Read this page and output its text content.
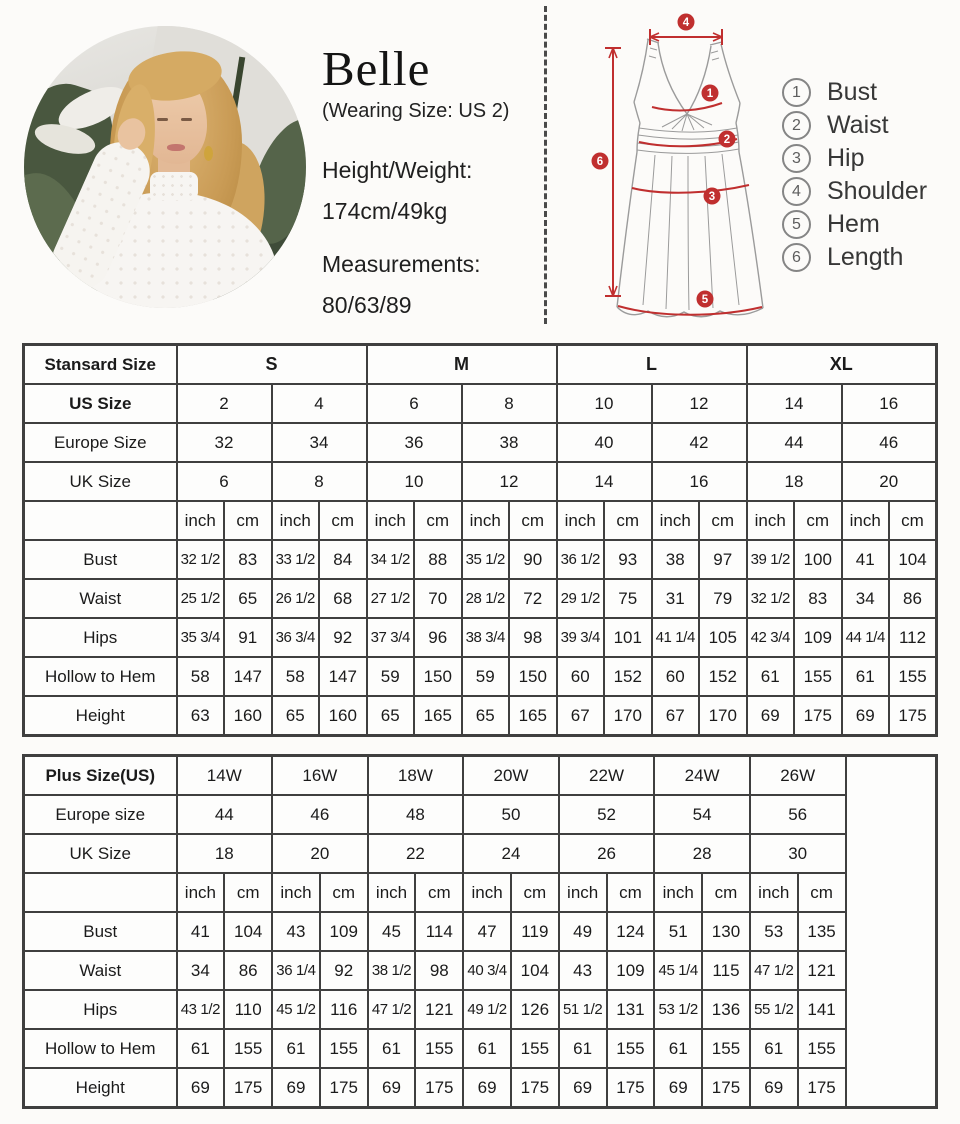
Belle
(Wearing Size: US 2)
Height/Weight:
174cm/49kg
Measurements:
80/63/89
1
2
3
4
5
6
1	Bust
2	Waist
3	Hip
4	Shoulder
5	Hem
6	Length
Stansard Size	S				M				L				XL			
US Size	2		4		6		8		10		12		14		16	
Europe Size	32		34		36		38		40		42		44		46	
UK Size	6		8		10		12		14		16		18		20	
	inch	cm	inch	cm	inch	cm	inch	cm	inch	cm	inch	cm	inch	cm	inch	cm
Bust	32 1/2	83	33 1/2	84	34 1/2	88	35 1/2	90	36 1/2	93	38	97	39 1/2	100	41	104
Waist	25 1/2	65	26 1/2	68	27 1/2	70	28 1/2	72	29 1/2	75	31	79	32 1/2	83	34	86
Hips	35 3/4	91	36 3/4	92	37 3/4	96	38 3/4	98	39 3/4	101	41 1/4	105	42 3/4	109	44 1/4	112
Hollow to Hem	58	147	58	147	59	150	59	150	60	152	60	152	61	155	61	155
Height	63	160	65	160	65	165	65	165	67	170	67	170	69	175	69	175
Plus Size(US)	14W		16W		18W		20W		22W		24W		26W		
Europe size	44		46		48		50		52		54		56		
UK Size	18		20		22		24		26		28		30		
	inch	cm	inch	cm	inch	cm	inch	cm	inch	cm	inch	cm	inch	cm	
Bust	41	104	43	109	45	114	47	119	49	124	51	130	53	135	
Waist	34	86	36 1/4	92	38 1/2	98	40 3/4	104	43	109	45 1/4	115	47 1/2	121	
Hips	43 1/2	110	45 1/2	116	47 1/2	121	49 1/2	126	51 1/2	131	53 1/2	136	55 1/2	141	
Hollow to Hem	61	155	61	155	61	155	61	155	61	155	61	155	61	155	
Height	69	175	69	175	69	175	69	175	69	175	69	175	69	175	
